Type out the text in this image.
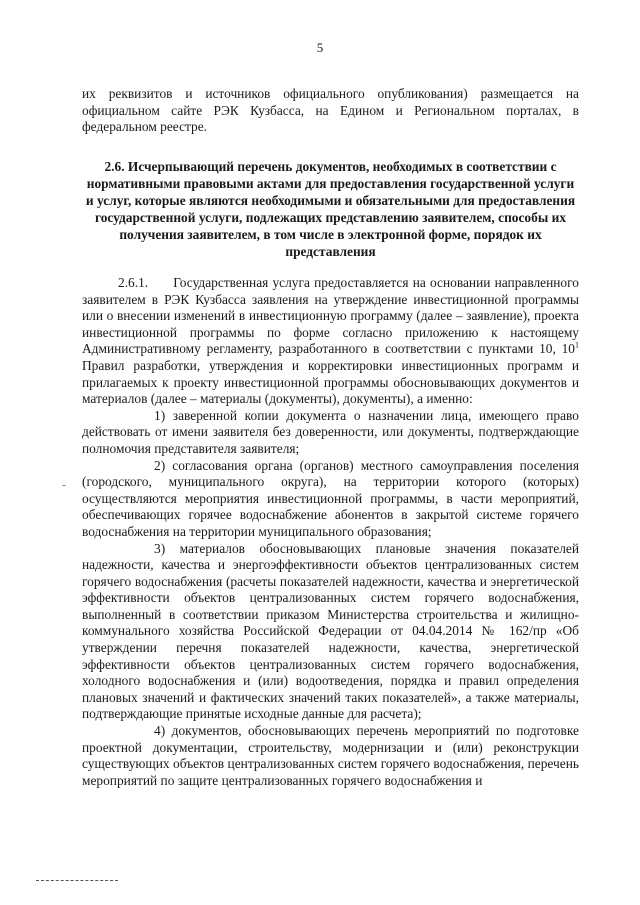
5
их реквизитов и источников официального опубликования) размещается на официальном сайте РЭК Кузбасса, на Едином и Региональном порталах, в федеральном реестре.
2.6. Исчерпывающий перечень документов, необходимых в соответствии с нормативными правовыми актами для предоставления государственной услуги и услуг, которые являются необходимыми и обязательными для предоставления государственной услуги, подлежащих представлению заявителем, способы их получения заявителем, в том числе в электронной форме, порядок их представления

2.6.1. Государственная услуга предоставляется на основании направленного заявителем в РЭК Кузбасса заявления на утверждение инвестиционной программы или о внесении изменений в инвестиционную программу (далее – заявление), проекта инвестиционной программы по форме согласно приложению к настоящему Административному регламенту, разработанного в соответствии с пунктами 10, $10^1$ Правил разработки, утверждения и корректировки инвестиционных программ и прилагаемых к проекту инвестиционной программы обосновывающих документов и материалов (далее – материалы (документы), документы), а именно:

1) заверенной копии документа о назначении лица, имеющего право действовать от имени заявителя без доверенности, или документы, подтверждающие полномочия представителя заявителя;

2) согласования органа (органов) местного самоуправления поселения (городского, муниципального округа), на территории которого (которых) осуществляются мероприятия инвестиционной программы, в части мероприятий, обеспечивающих горячее водоснабжение абонентов в закрытой системе горячего водоснабжения на территории муниципального образования;

3) материалов обосновывающих плановые значения показателей надежности, качества и энергоэффективности объектов централизованных систем горячего водоснабжения (расчеты показателей надежности, качества и энергетической эффективности объектов централизованных систем горячего водоснабжения, выполненный в соответствии приказом Министерства строительства и жилищно-коммунального хозяйства Российской Федерации от 04.04.2014 № 162/пр «Об утверждении перечня показателей надежности, качества, энергетической эффективности объектов централизованных систем горячего водоснабжения, холодного водоснабжения и (или) водоотведения, порядка и правил определения плановых значений и фактических значений таких показателей», а также материалы, подтверждающие принятые исходные данные для расчета);

4) документов, обосновывающих перечень мероприятий по подготовке проектной документации, строительству, модернизации и (или) реконструкции существующих объектов централизованных систем горячего водоснабжения, перечень мероприятий по защите централизованных горячего водоснабжения и
